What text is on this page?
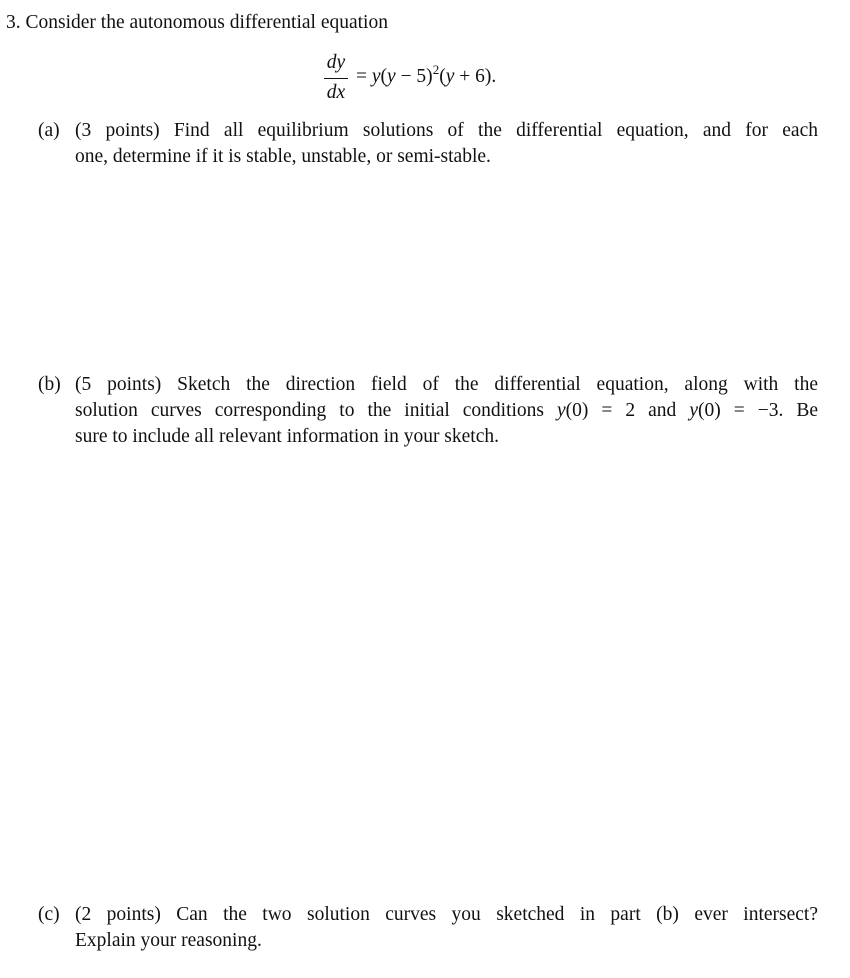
3. Consider the autonomous differential equation
dy
dx
= $y(y - 5)^2(y + 6)$.
(a) (3 points) Find all equilibrium solutions of the differential equation, and for each
one, determine if it is stable, unstable, or semi-stable.
(b) (5 points) Sketch the direction field of the differential equation, along with the
solution curves corresponding to the initial conditions y(0) = 2 and y(0) = −3. Be
sure to include all relevant information in your sketch.
(c) (2 points) Can the two solution curves you sketched in part (b) ever intersect?
Explain your reasoning.
